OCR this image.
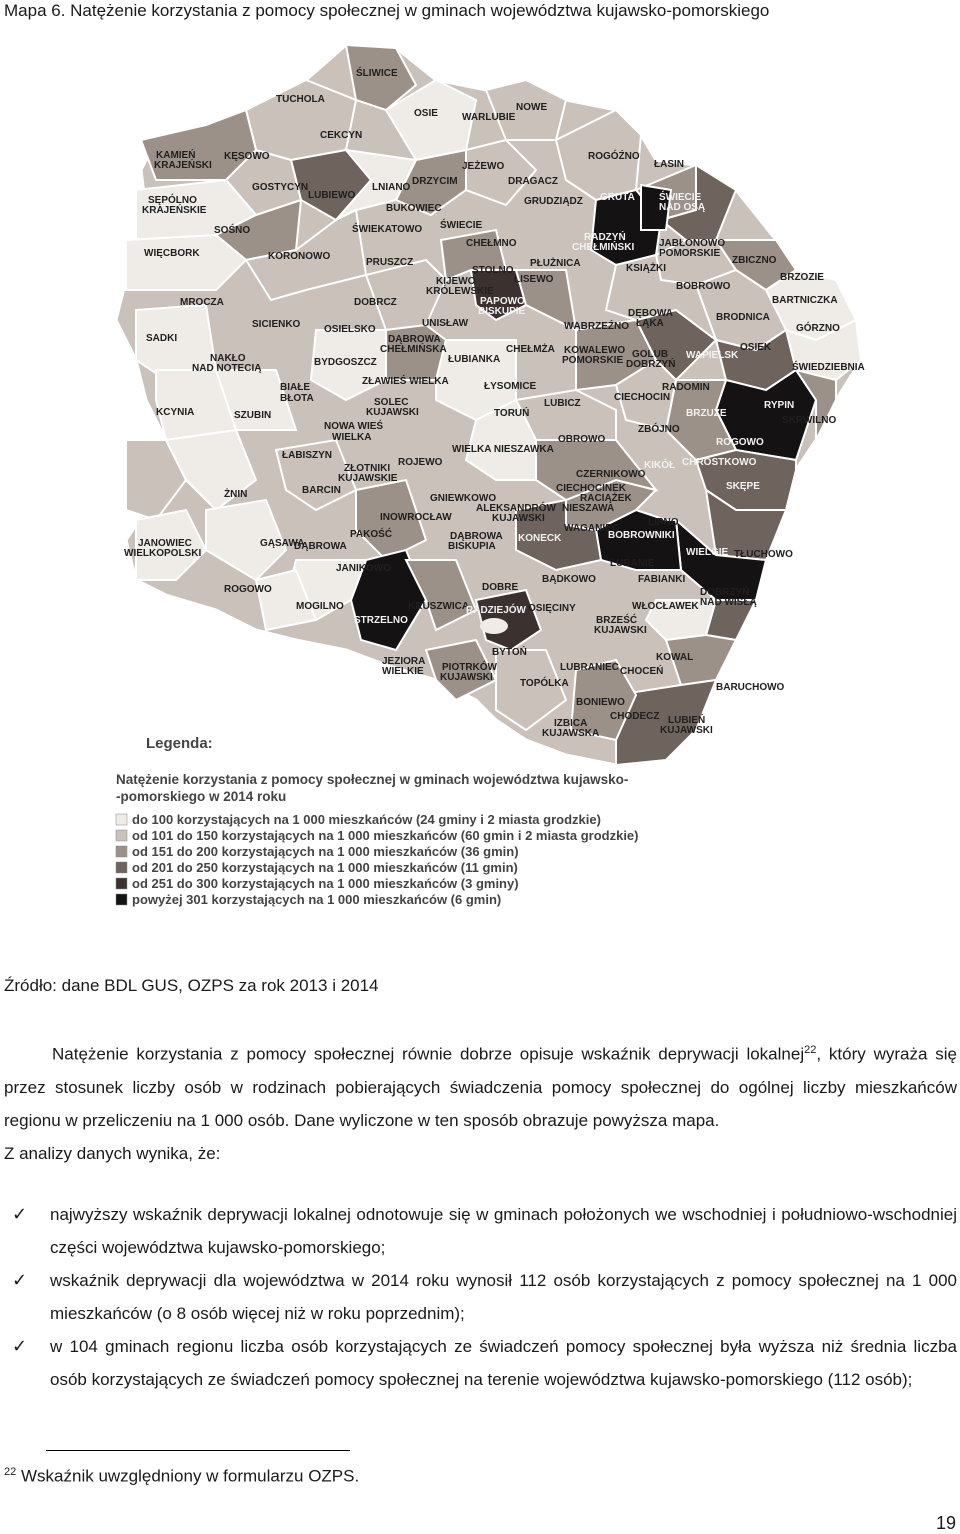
Mapa 6. Natężenie korzystania z pomocy społecznej w gminach województwa kujawsko-pomorskiego
ŚLIWICE
TUCHOLA
OSIE
NOWE
WARLUBIE
CEKCYN
KAMIEŃ
KRAJEŃSKI
KĘSOWO	ROGÓŹNO
ŁASIN
GOSTYCYN	LNIANO
DRZYCIM
JEŻEWO
DRAGACZ
LUBIEWO
GRUDZIĄDZ GRUTA ŚWIECIE
NAD OSĄ
SĘPÓLNO
KRAJEŃSKIE	BUKOWIEC
ŚWIEKATOWO ŚWIECIE
SOŚNO
RADZYŃ
CHEŁMIŃSKI JABŁONOWO
POMORSKIE
CHEŁMNO
PŁUŻNICA
WIĘCBORK	KORONOWO
KSIĄŻKI
ZBICZNO
PRUSZCZ
STOLNO
KIJEWO
KRÓLEWSKIE
LISEWO	BRZOZIE
BOBROWO
BARTNICZKA
MROCZA	DOBRCZ	PAPOWO
BISKUPIE	DĘBOWA
ŁĄKA
BRODNICA
SICIENKO OSIELSKO
UNISŁAW	GÓRZNO
SADKI	DĄBROWA
CHEŁMIŃSKA	CHEŁMŻA
WĄBRZEŹNO
OSIEK
NAKŁO
NAD NOTECIĄ
BYDGOSZCZ	ŁUBIANKA
KOWALEWO
POMORSKIE
GOLUB
DOBRZYŃ
WAPIELSK
ŚWIEDZIEBNIA
ZŁAWIEŚ WIELKA	ŁYSOMICE	RADOMIN
BIAŁE
BŁOTA	SOLEC
KUJAWSKI	TORUŃ
LUBICZ
CIECHOCIN
RYPIN
KCYNIA	SZUBIN
NOWA WIEŚ
WIELKA
BRZUZE
SKRWILNO
ZBÓJNO
OBROWO	ROGOWO
ŁABISZYN
WIELKA NIESZAWKA
ROJEWO
CZERNIKOWO
KIKÓŁ CHROSTKOWO
ZŁOTNIKI
KUJAWSKIE
CIECHOCINEK
RACIĄŻEK
SKĘPE
BARCIN
GNIEWKOWO
ŻNIN
ALEKSANDRÓW
KUJAWSKI
NIESZAWA
INOWROCŁAW
WAGANIEC
LIPNO
BOBROWNIKI
PAKOŚĆ	KONECK
WIELGIE TŁUCHOWO
JANOWIEC
WIELKOPOLSKI
GĄSAWA
DĄBROWA
BISKUPIA
DĄBROWA
LUBANIE
FABIANKI
JANIKOWO
ROGOWO	DOBRE
BĄDKOWO
DOBRZYŃ
NAD WISŁĄ
KRUSZWICA
MOGILNO	RADZIEJÓW OSIĘCINY	WŁOCŁAWEK
STRZELNO	BRZEŚĆ
KUJAWSKI
JEZIORA
WIELKIE
BYTOŃ	KOWAL
PIOTRKÓW
KUJAWSKI
LUBRANIEC CHOCEŃ
TOPÓLKA	BARUCHOWO
BONIEWO
IZBICA
KUJAWSKA
CHODECZ LUBIEŃ
KUJAWSKI
Legenda:
Natężenie korzystania z pomocy społecznej w gminach województwa kujawsko-
-pomorskiego w 2014 roku
do 100 korzystających na 1 000 mieszkańców (24 gminy i 2 miasta grodzkie)
od 101 do 150 korzystających na 1 000 mieszkańców (60 gmin i 2 miasta grodzkie)
od 151 do 200 korzystających na 1 000 mieszkańców (36 gmin)
od 201 do 250 korzystających na 1 000 mieszkańców (11 gmin)
od 251 do 300 korzystających na 1 000 mieszkańców (3 gminy)
powyżej 301 korzystających na 1 000 mieszkańców (6 gmin)
Źródło: dane BDL GUS, OZPS za rok 2013 i 2014

Natężenie korzystania z pomocy społecznej równie dobrze opisuje wskaźnik deprywacji lokalnej$^{22}$, który wyraża się przez stosunek liczby osób w rodzinach pobierających świadczenia pomocy społecznej do ogólnej liczby mieszkańców regionu w przeliczeniu na 1 000 osób. Dane wyliczone w ten sposób obrazuje powyższa mapa.

Z analizy danych wynika, że:

✓ najwyższy wskaźnik deprywacji lokalnej odnotowuje się w gminach położonych we wschodniej i południowo-wschodniej części województwa kujawsko-pomorskiego;
✓ wskaźnik deprywacji dla województwa w 2014 roku wynosił 112 osób korzystających z pomocy społecznej na 1 000 mieszkańców (o 8 osób więcej niż w roku poprzednim);
✓ w 104 gminach regionu liczba osób korzystających ze świadczeń pomocy społecznej była wyższa niż średnia liczba osób korzystających ze świadczeń pomocy społecznej na terenie województwa kujawsko-pomorskiego (112 osób);
$^{22}$ Wskaźnik uwzględniony w formularzu OZPS.
19
